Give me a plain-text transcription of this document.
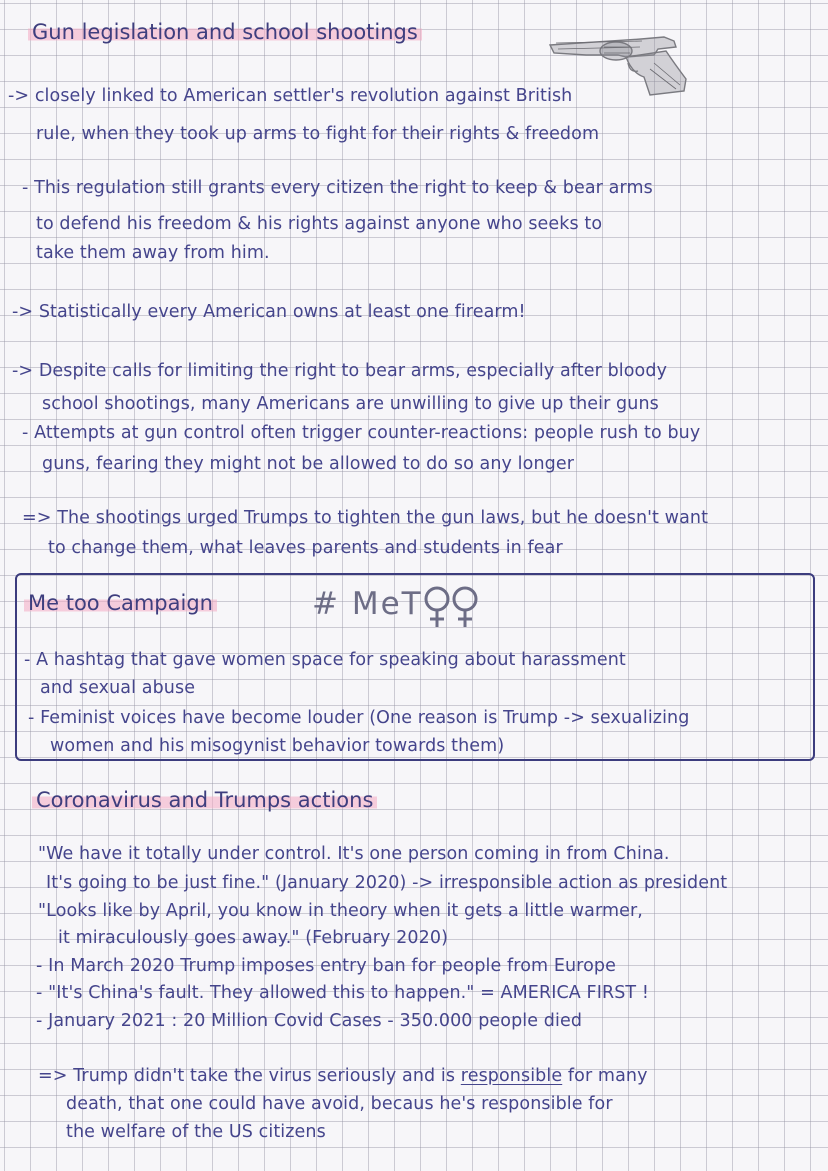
Gun legislation and school shootings
-> closely linked to American settler's revolution against British
rule, when they took up arms to fight for their rights & freedom
- This regulation still grants every citizen the right to keep & bear arms
to defend his freedom & his rights against anyone who seeks to
take them away from him.
-> Statistically every American owns at least one firearm!
-> Despite calls for limiting the right to bear arms, especially after bloody
school shootings, many Americans are unwilling to give up their guns
- Attempts at gun control often trigger counter-reactions: people rush to buy
guns, fearing they might not be allowed to do so any longer
=> The shootings urged Trumps to tighten the gun laws, but he doesn't want
to change them, what leaves parents and students in fear
Me too Campaign	# MeT
- A hashtag that gave women space for speaking about harassment
and sexual abuse
- Feminist voices have become louder (One reason is Trump -> sexualizing
women and his misogynist behavior towards them)
Coronavirus and Trumps actions
"We have it totally under control. It's one person coming in from China.
It's going to be just fine." (January 2020) -> irresponsible action as president
"Looks like by April, you know in theory when it gets a little warmer,
it miraculously goes away." (February 2020)
- In March 2020 Trump imposes entry ban for people from Europe
- "It's China's fault. They allowed this to happen." = AMERICA FIRST !
- January 2021 : 20 Million Covid Cases - 350.000 people died
=> Trump didn't take the virus seriously and is responsible for many
death, that one could have avoid, becaus he's responsible for
the welfare of the US citizens
